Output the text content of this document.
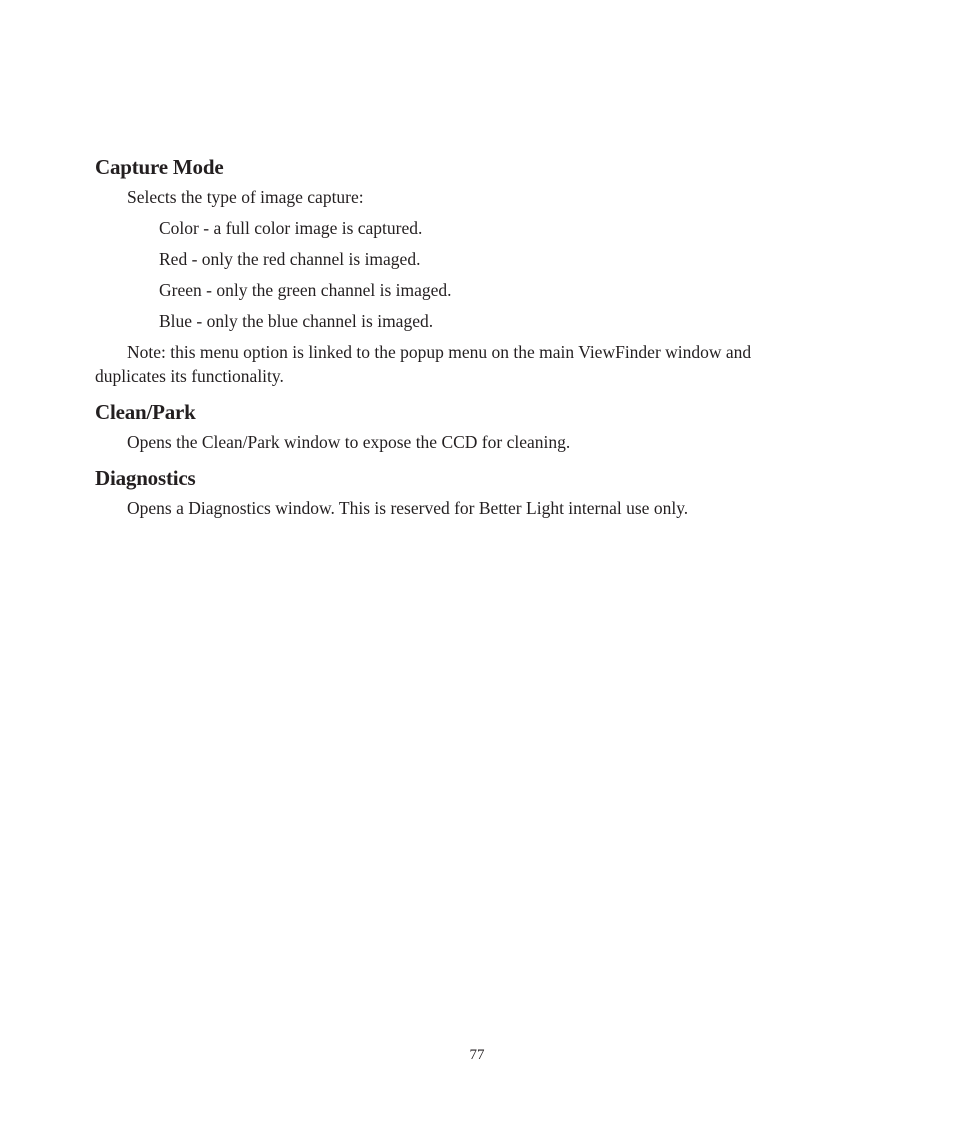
Capture Mode

Selects the type of image capture:

Color - a full color image is captured.

Red - only the red channel is imaged.

Green - only the green channel is imaged.

Blue - only the blue channel is imaged.

Note: this menu option is linked to the popup menu on the main ViewFinder window and duplicates its functionality.

Clean/Park

Opens the Clean/Park window to expose the CCD for cleaning.

Diagnostics

Opens a Diagnostics window. This is reserved for Better Light internal use only.

77
